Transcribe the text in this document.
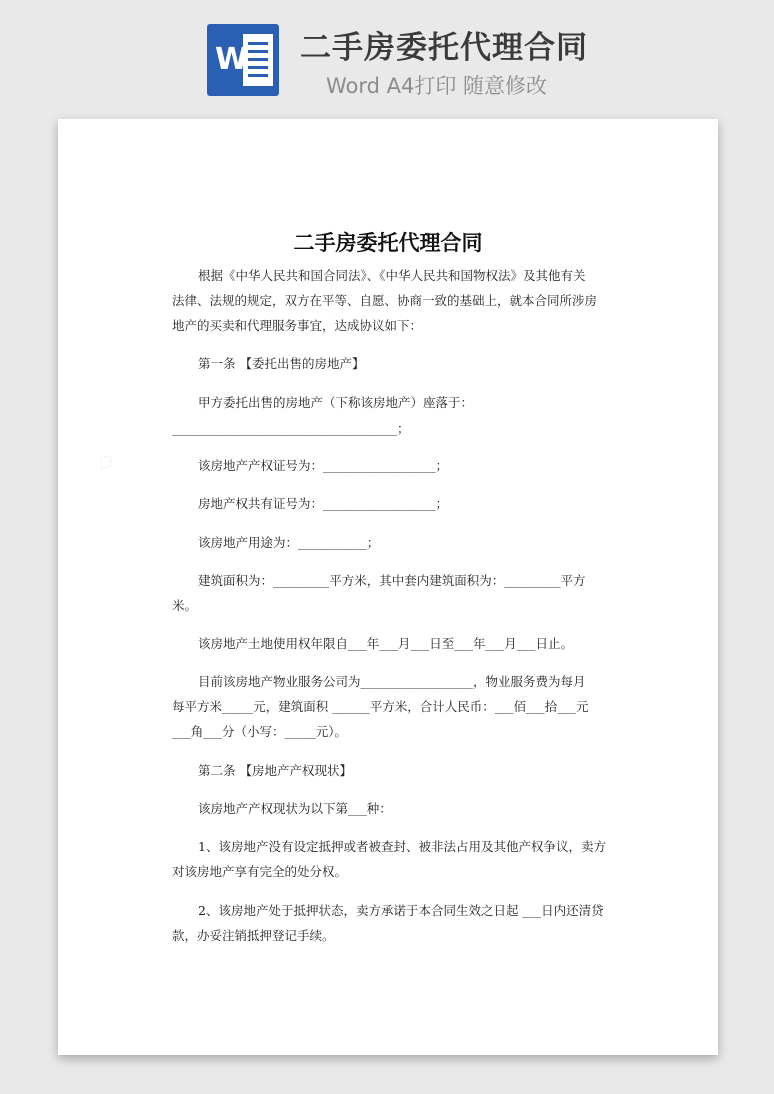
W 二手房委托代理合同
Word A4打印 随意修改
二手房委托代理合同
根据《中华人民共和国合同法》、《中华人民共和国物权法》及其他有关
法律、法规的规定，双方在平等、自愿、协商一致的基础上，就本合同所涉房
地产的买卖和代理服务事宜，达成协议如下：
第一条 【委托出售的房地产】
甲方委托出售的房地产（下称该房地产）座落于：
____________________________________；
该房地产产权证号为：__________________；
房地产权共有证号为：__________________；
该房地产用途为：___________；
建筑面积为：_________平方米，其中套内建筑面积为：_________平方
米。
该房地产土地使用权年限自___年___月___日至___年___月___日止。
目前该房地产物业服务公司为__________________，物业服务费为每月
每平方米_____元，建筑面积 ______平方米，合计人民币：___佰___拾___元
___角___分（小写：_____元）。
第二条 【房地产产权现状】
该房地产产权现状为以下第___种：
1、该房地产没有设定抵押或者被查封、被非法占用及其他产权争议，卖方
对该房地产享有完全的处分权。
2、该房地产处于抵押状态，卖方承诺于本合同生效之日起 ___日内还清贷
款，办妥注销抵押登记手续。
